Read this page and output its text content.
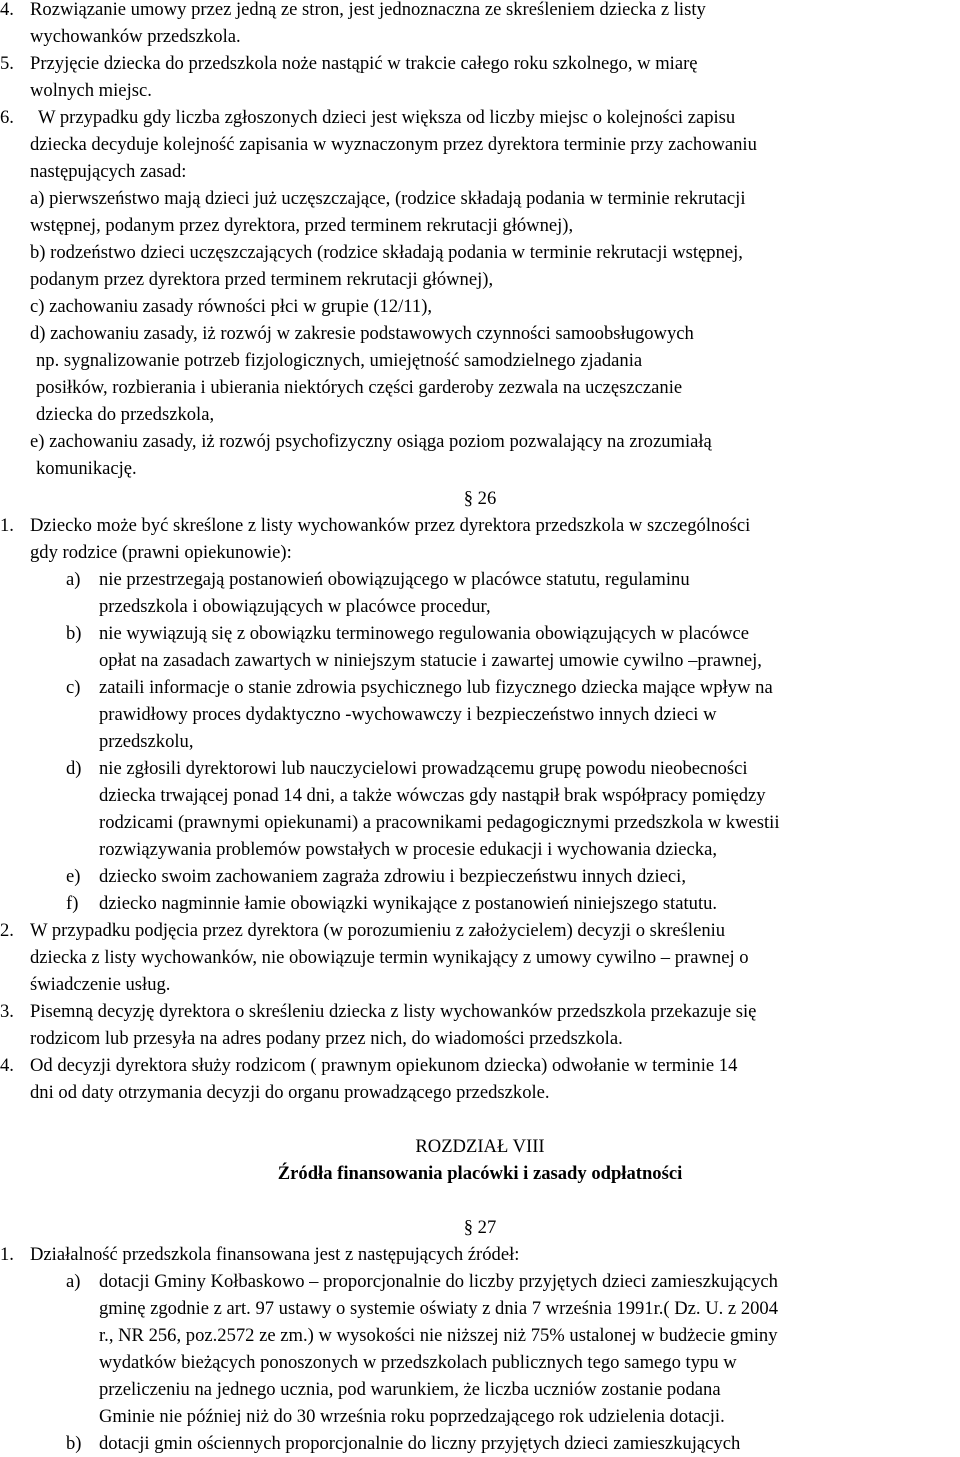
4. Rozwiązanie umowy przez jedną ze stron, jest jednoznaczna ze skreśleniem dziecka z listy
wychowanków przedszkola.
5. Przyjęcie dziecka do przedszkola noże nastąpić w trakcie całego roku szkolnego, w miarę
wolnych miejsc.
6. W przypadku gdy liczba zgłoszonych dzieci jest większa od liczby miejsc o kolejności zapisu
dziecka decyduje kolejność zapisania w wyznaczonym przez dyrektora terminie przy zachowaniu
następujących zasad:
a) pierwszeństwo mają dzieci już uczęszczające, (rodzice składają podania w terminie rekrutacji
wstępnej, podanym przez dyrektora, przed terminem rekrutacji głównej),
b) rodzeństwo dzieci uczęszczających (rodzice składają podania w terminie rekrutacji wstępnej,
podanym przez dyrektora przed terminem rekrutacji głównej),
c) zachowaniu zasady równości płci w grupie (12/11),
d) zachowaniu zasady, iż rozwój w zakresie podstawowych czynności samoobsługowych
np. sygnalizowanie potrzeb fizjologicznych, umiejętność samodzielnego zjadania
posiłków, rozbierania i ubierania niektórych części garderoby zezwala na uczęszczanie
dziecka do przedszkola,
e) zachowaniu zasady, iż rozwój psychofizyczny osiąga poziom pozwalający na zrozumiałą
komunikację.
§ 26
1. Dziecko może być skreślone z listy wychowanków przez dyrektora przedszkola w szczególności
gdy rodzice (prawni opiekunowie):
a) nie przestrzegają postanowień obowiązującego w placówce statutu, regulaminu
przedszkola i obowiązujących w placówce procedur,
b) nie wywiązują się z obowiązku terminowego regulowania obowiązujących w placówce
opłat na zasadach zawartych w niniejszym statucie i zawartej umowie cywilno –prawnej,
c) zataili informacje o stanie zdrowia psychicznego lub fizycznego dziecka mające wpływ na
prawidłowy proces dydaktyczno -wychowawczy i bezpieczeństwo innych dzieci w
przedszkolu,
d) nie zgłosili dyrektorowi lub nauczycielowi prowadzącemu grupę powodu nieobecności
dziecka trwającej ponad 14 dni, a także wówczas gdy nastąpił brak współpracy pomiędzy
rodzicami (prawnymi opiekunami) a pracownikami pedagogicznymi przedszkola w kwestii
rozwiązywania problemów powstałych w procesie edukacji i wychowania dziecka,
e) dziecko swoim zachowaniem zagraża zdrowiu i bezpieczeństwu innych dzieci,
f) dziecko nagminnie łamie obowiązki wynikające z postanowień niniejszego statutu.
2. W przypadku podjęcia przez dyrektora (w porozumieniu z założycielem) decyzji o skreśleniu
dziecka z listy wychowanków, nie obowiązuje termin wynikający z umowy cywilno – prawnej o
świadczenie usług.
3. Pisemną decyzję dyrektora o skreśleniu dziecka z listy wychowanków przedszkola przekazuje się
rodzicom lub przesyła na adres podany przez nich, do wiadomości przedszkola.
4. Od decyzji dyrektora służy rodzicom ( prawnym opiekunom dziecka) odwołanie w terminie 14
dni od daty otrzymania decyzji do organu prowadzącego przedszkole.
ROZDZIAŁ VIII
Źródła finansowania placówki i zasady odpłatności
§ 27
1. Działalność przedszkola finansowana jest z następujących źródeł:
a) dotacji Gminy Kołbaskowo – proporcjonalnie do liczby przyjętych dzieci zamieszkujących
gminę zgodnie z art. 97 ustawy o systemie oświaty z dnia 7 września 1991r.( Dz. U. z 2004
r., NR 256, poz.2572 ze zm.) w wysokości nie niższej niż 75% ustalonej w budżecie gminy
wydatków bieżących ponoszonych w przedszkolach publicznych tego samego typu w
przeliczeniu na jednego ucznia, pod warunkiem, że liczba uczniów zostanie podana
Gminie nie później niż do 30 września roku poprzedzającego rok udzielenia dotacji.
b) dotacji gmin ościennych proporcjonalnie do liczny przyjętych dzieci zamieszkujących
